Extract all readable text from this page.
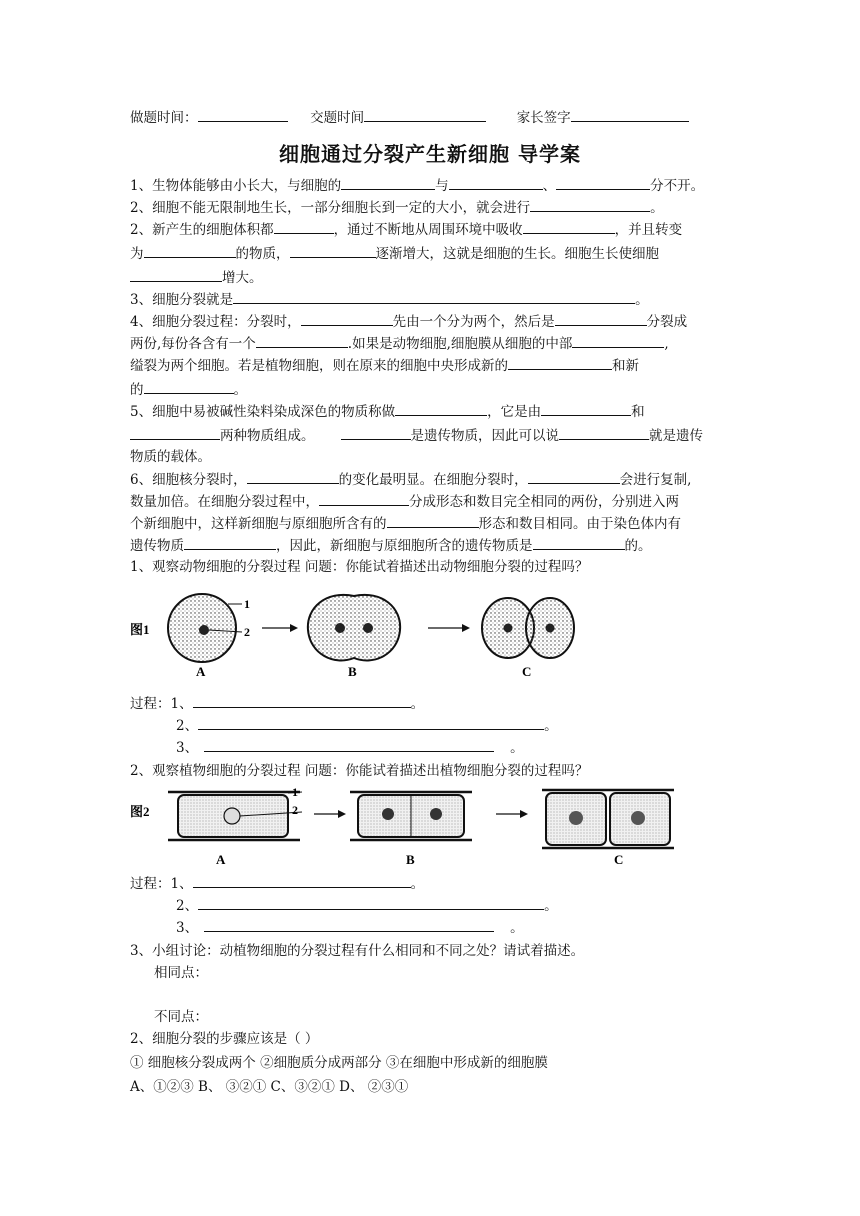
做题时间：	交题时间	家长签字
细胞通过分裂产生新细胞 导学案
1、生物体能够由小长大，与细胞的	与	、	分不开。
2、细胞不能无限制地生长，一部分细胞长到一定的大小，就会进行	。
2、新产生的细胞体积都	，通过不断地从周围环境中吸收	，并且转变
为	的物质，	逐渐增大，这就是细胞的生长。细胞生长使细胞
增大。
3、细胞分裂就是	。
4、细胞分裂过程：分裂时，	先由一个分为两个，然后是	分裂成
两份,每份各含有一个	.如果是动物细胞,细胞膜从细胞的中部	,
缢裂为两个细胞。若是植物细胞，则在原来的细胞中央形成新的	和新
的	。
5、细胞中易被碱性染料染成深色的物质称做	，它是由	和
两种物质组成。	是遗传物质，因此可以说	就是遗传
物质的载体。
6、细胞核分裂时，	的变化最明显。在细胞分裂时，	会进行复制,
数量加倍。在细胞分裂过程中，	分成形态和数目完全相同的两份，分别进入两
个新细胞中，这样新细胞与原细胞所含有的	形态和数目相同。由于染色体内有
遗传物质	，因此，新细胞与原细胞所含的遗传物质是	的。
1、观察动物细胞的分裂过程 问题：你能试着描述出动物细胞分裂的过程吗？
图1
1
2
A	B	C
过程：1、	。
2、	。
3、	。
2、观察植物细胞的分裂过程 问题：你能试着描述出植物细胞分裂的过程吗？
图2
1
2
A	B	C
过程：1、	。
2、	。
3、	。
3、小组讨论：动植物细胞的分裂过程有什么相同和不同之处？请试着描述。
相同点：
不同点：
2、细胞分裂的步骤应该是（ ）
① 细胞核分裂成两个 ②细胞质分成两部分 ③在细胞中形成新的细胞膜
A、①②③ B、 ③②① C、③②① D、 ②③①
